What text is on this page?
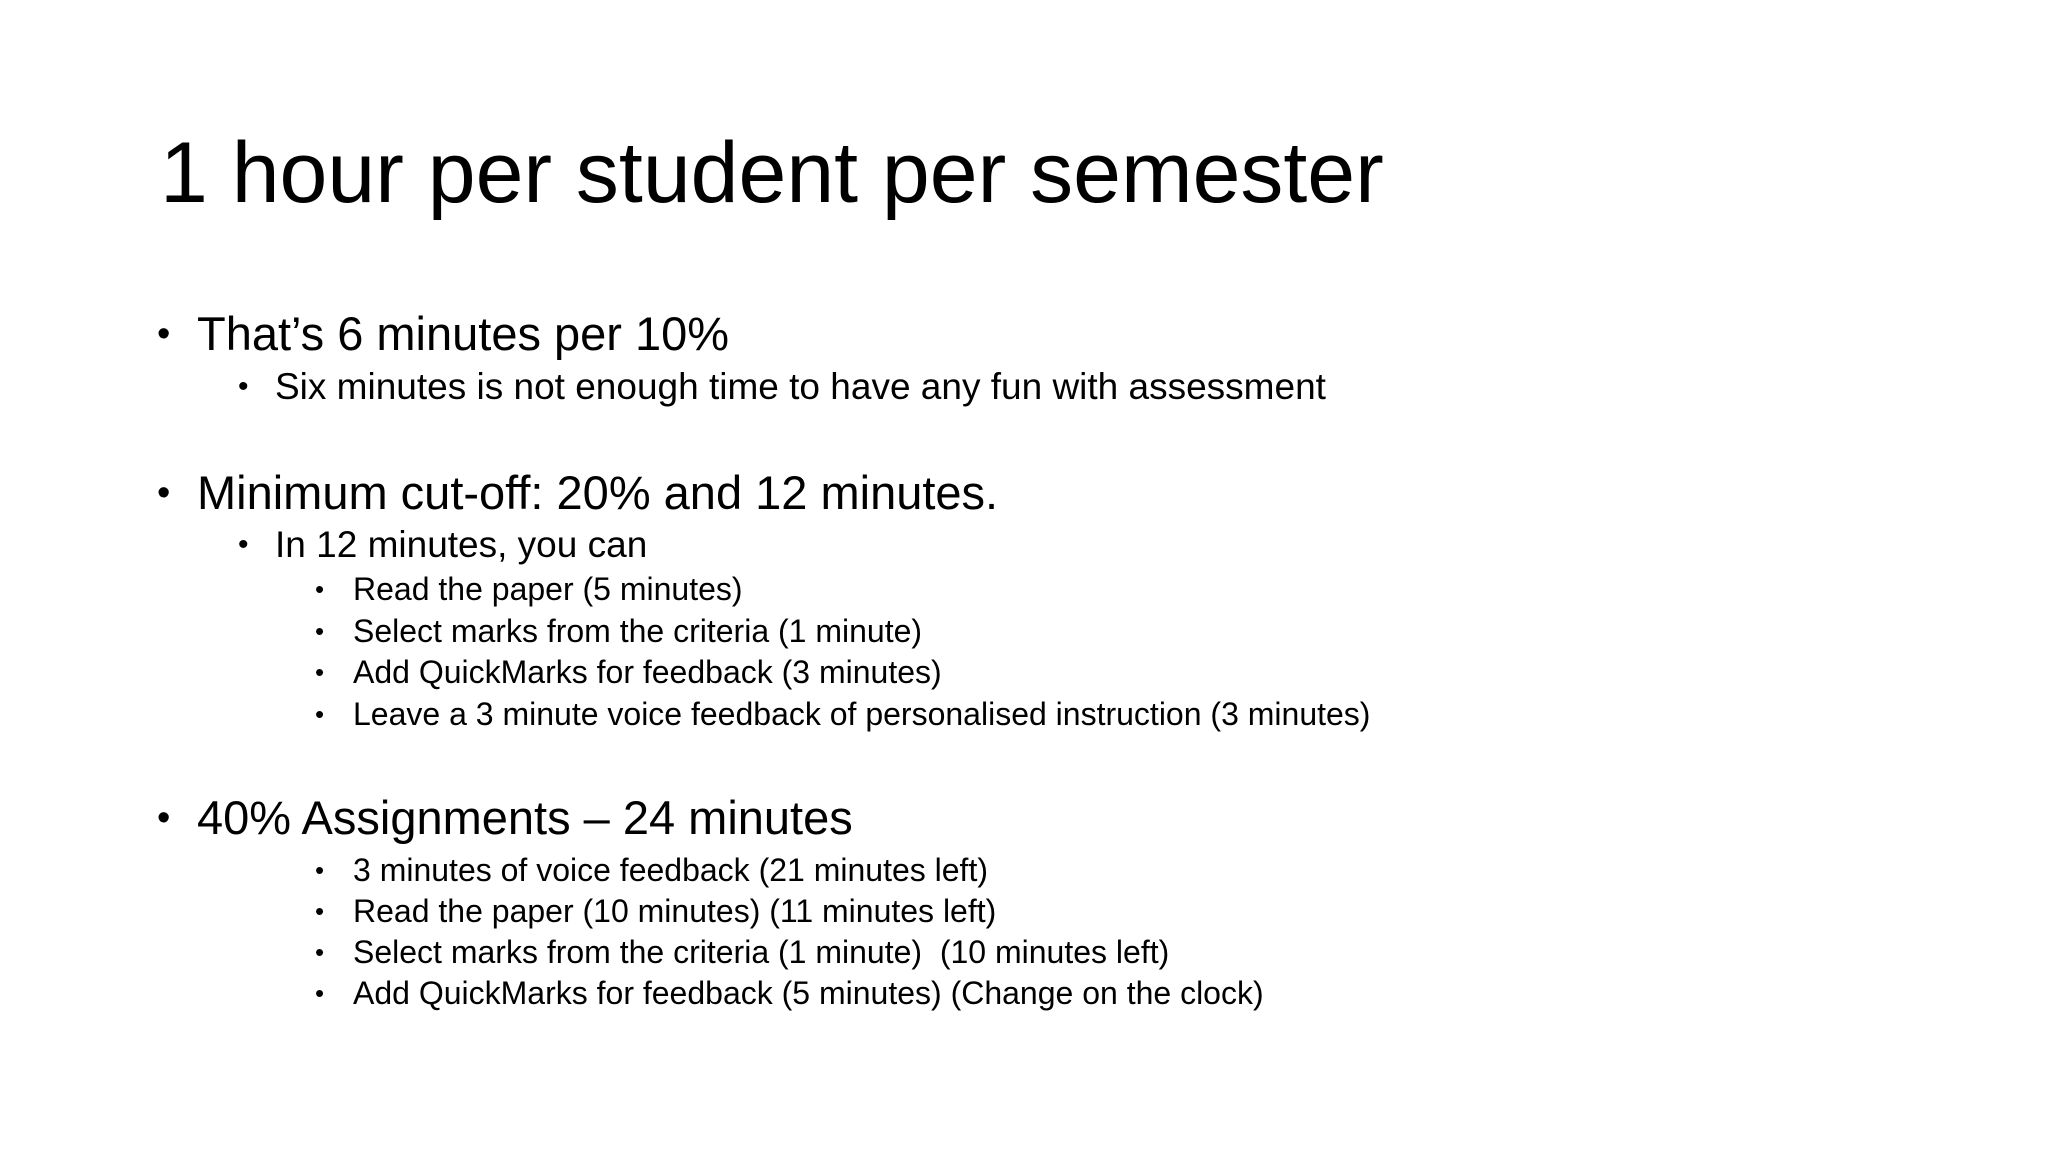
1 hour per student per semester
• That’s 6 minutes per 10%
• Six minutes is not enough time to have any fun with assessment
• Minimum cut-off: 20% and 12 minutes.
• In 12 minutes, you can
• Read the paper (5 minutes)
• Select marks from the criteria (1 minute)
• Add QuickMarks for feedback (3 minutes)
• Leave a 3 minute voice feedback of personalised instruction (3 minutes)
• 40% Assignments – 24 minutes
• 3 minutes of voice feedback (21 minutes left)
• Read the paper (10 minutes) (11 minutes left)
• Select marks from the criteria (1 minute)  (10 minutes left)
• Add QuickMarks for feedback (5 minutes) (Change on the clock)
